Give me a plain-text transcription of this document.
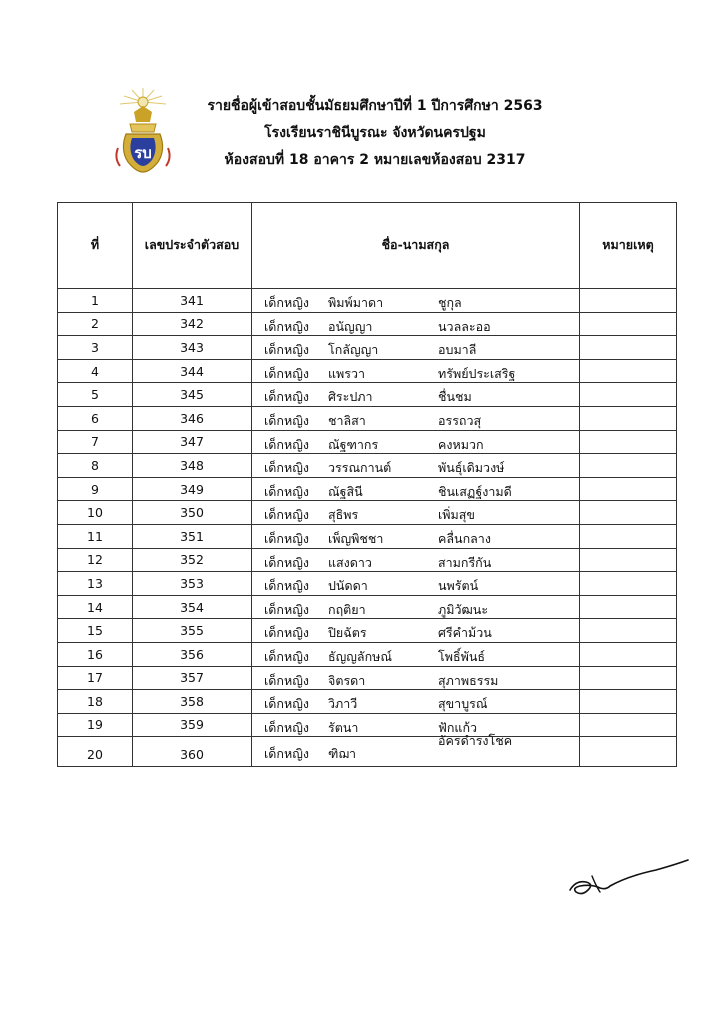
รบ
รายชื่อผู้เข้าสอบชั้นมัธยมศึกษาปีที่ 1 ปีการศึกษา 2563
โรงเรียนราชินีบูรณะ จังหวัดนครปฐม
ห้องสอบที่ 18 อาคาร 2 หมายเลขห้องสอบ 2317
ที่	เลขประจำตัวสอบ	ชื่อ-นามสกุล	หมายเหตุ
1	341	เด็กหญิง พิมพ์มาดา ชูกุล	

2	342	เด็กหญิง อนัญญา นวลละออ	

3	343	เด็กหญิง โกลัญญา อบมาลี	

4	344	เด็กหญิง แพรวา ทรัพย์ประเสริฐ	

5	345	เด็กหญิง ศิระปภา ชื่นชม	

6	346	เด็กหญิง ชาลิสา อรรถวสุ	

7	347	เด็กหญิง ณัฐฑากร คงหมวก	

8	348	เด็กหญิง วรรณกานต์ พันธุ์เดิมวงษ์	

9	349	เด็กหญิง ณัฐสินี ชินเสฏฐ์งามดี	

10	350	เด็กหญิง สุธิพร เพิ่มสุข	

11	351	เด็กหญิง เพ็ญพิชชา คลื่นกลาง	

12	352	เด็กหญิง แสงดาว สามกรีกัน	

13	353	เด็กหญิง ปนัดดา นพรัตน์	

14	354	เด็กหญิง กฤติยา ภูมิวัฒนะ	

15	355	เด็กหญิง ปิยฉัตร ศรีคำม้วน	

16	356	เด็กหญิง ธัญญลักษณ์ โพธิ์พันธ์	

17	357	เด็กหญิง จิตรดา สุภาพธรรม	

18	358	เด็กหญิง วิภาวี สุขาบูรณ์	

19	359	เด็กหญิง รัตนา ฟักแก้ว	

20	360	เด็กหญิง ฑิฌา
อัครดำรงโชค	
